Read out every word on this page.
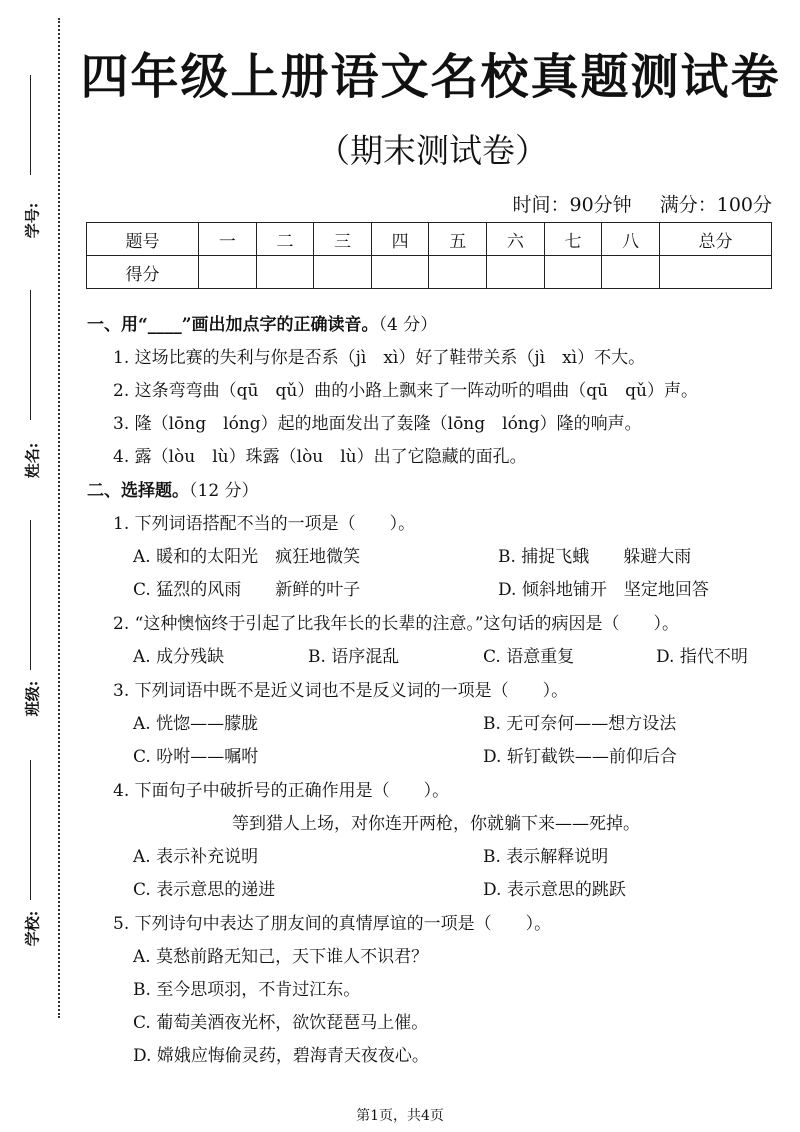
学号:
姓名:
班级:
学校:
四年级上册语文名校真题测试卷
（期末测试卷）
时间：90分钟 满分：100分
题号	一	二	三	四	五	六	七	八	总分
得分									
一、用“____”画出加点字的正确读音。（4 分）
1. 这场比赛的失利与你是否系（jì　xì）好了鞋带关系（jì　xì）不大。
2. 这条弯弯曲（qū　qǔ）曲的小路上飘来了一阵动听的唱曲（qū　qǔ）声。
3. 隆（lōng　lóng）起的地面发出了轰隆（lōng　lóng）隆的响声。
4. 露（lòu　lù）珠露（lòu　lù）出了它隐藏的面孔。
二、选择题。（12 分）
1. 下列词语搭配不当的一项是（　　）。
A. 暖和的太阳光　疯狂地微笑	B. 捕捉飞蛾　　躲避大雨
C. 猛烈的风雨　　新鲜的叶子	D. 倾斜地铺开　坚定地回答
2. “这种懊恼终于引起了比我年长的长辈的注意。”这句话的病因是（　　）。
A. 成分残缺	B. 语序混乱	C. 语意重复	D. 指代不明
3. 下列词语中既不是近义词也不是反义词的一项是（　　）。
A. 恍惚——朦胧	B. 无可奈何——想方设法
C. 吩咐——嘱咐	D. 斩钉截铁——前仰后合
4. 下面句子中破折号的正确作用是（　　）。
等到猎人上场，对你连开两枪，你就躺下来——死掉。
A. 表示补充说明	B. 表示解释说明
C. 表示意思的递进	D. 表示意思的跳跃
5. 下列诗句中表达了朋友间的真情厚谊的一项是（　　）。
A. 莫愁前路无知己，天下谁人不识君？
B. 至今思项羽，不肯过江东。
C. 葡萄美酒夜光杯，欲饮琵琶马上催。
D. 嫦娥应悔偷灵药，碧海青天夜夜心。
第1页，共4页
